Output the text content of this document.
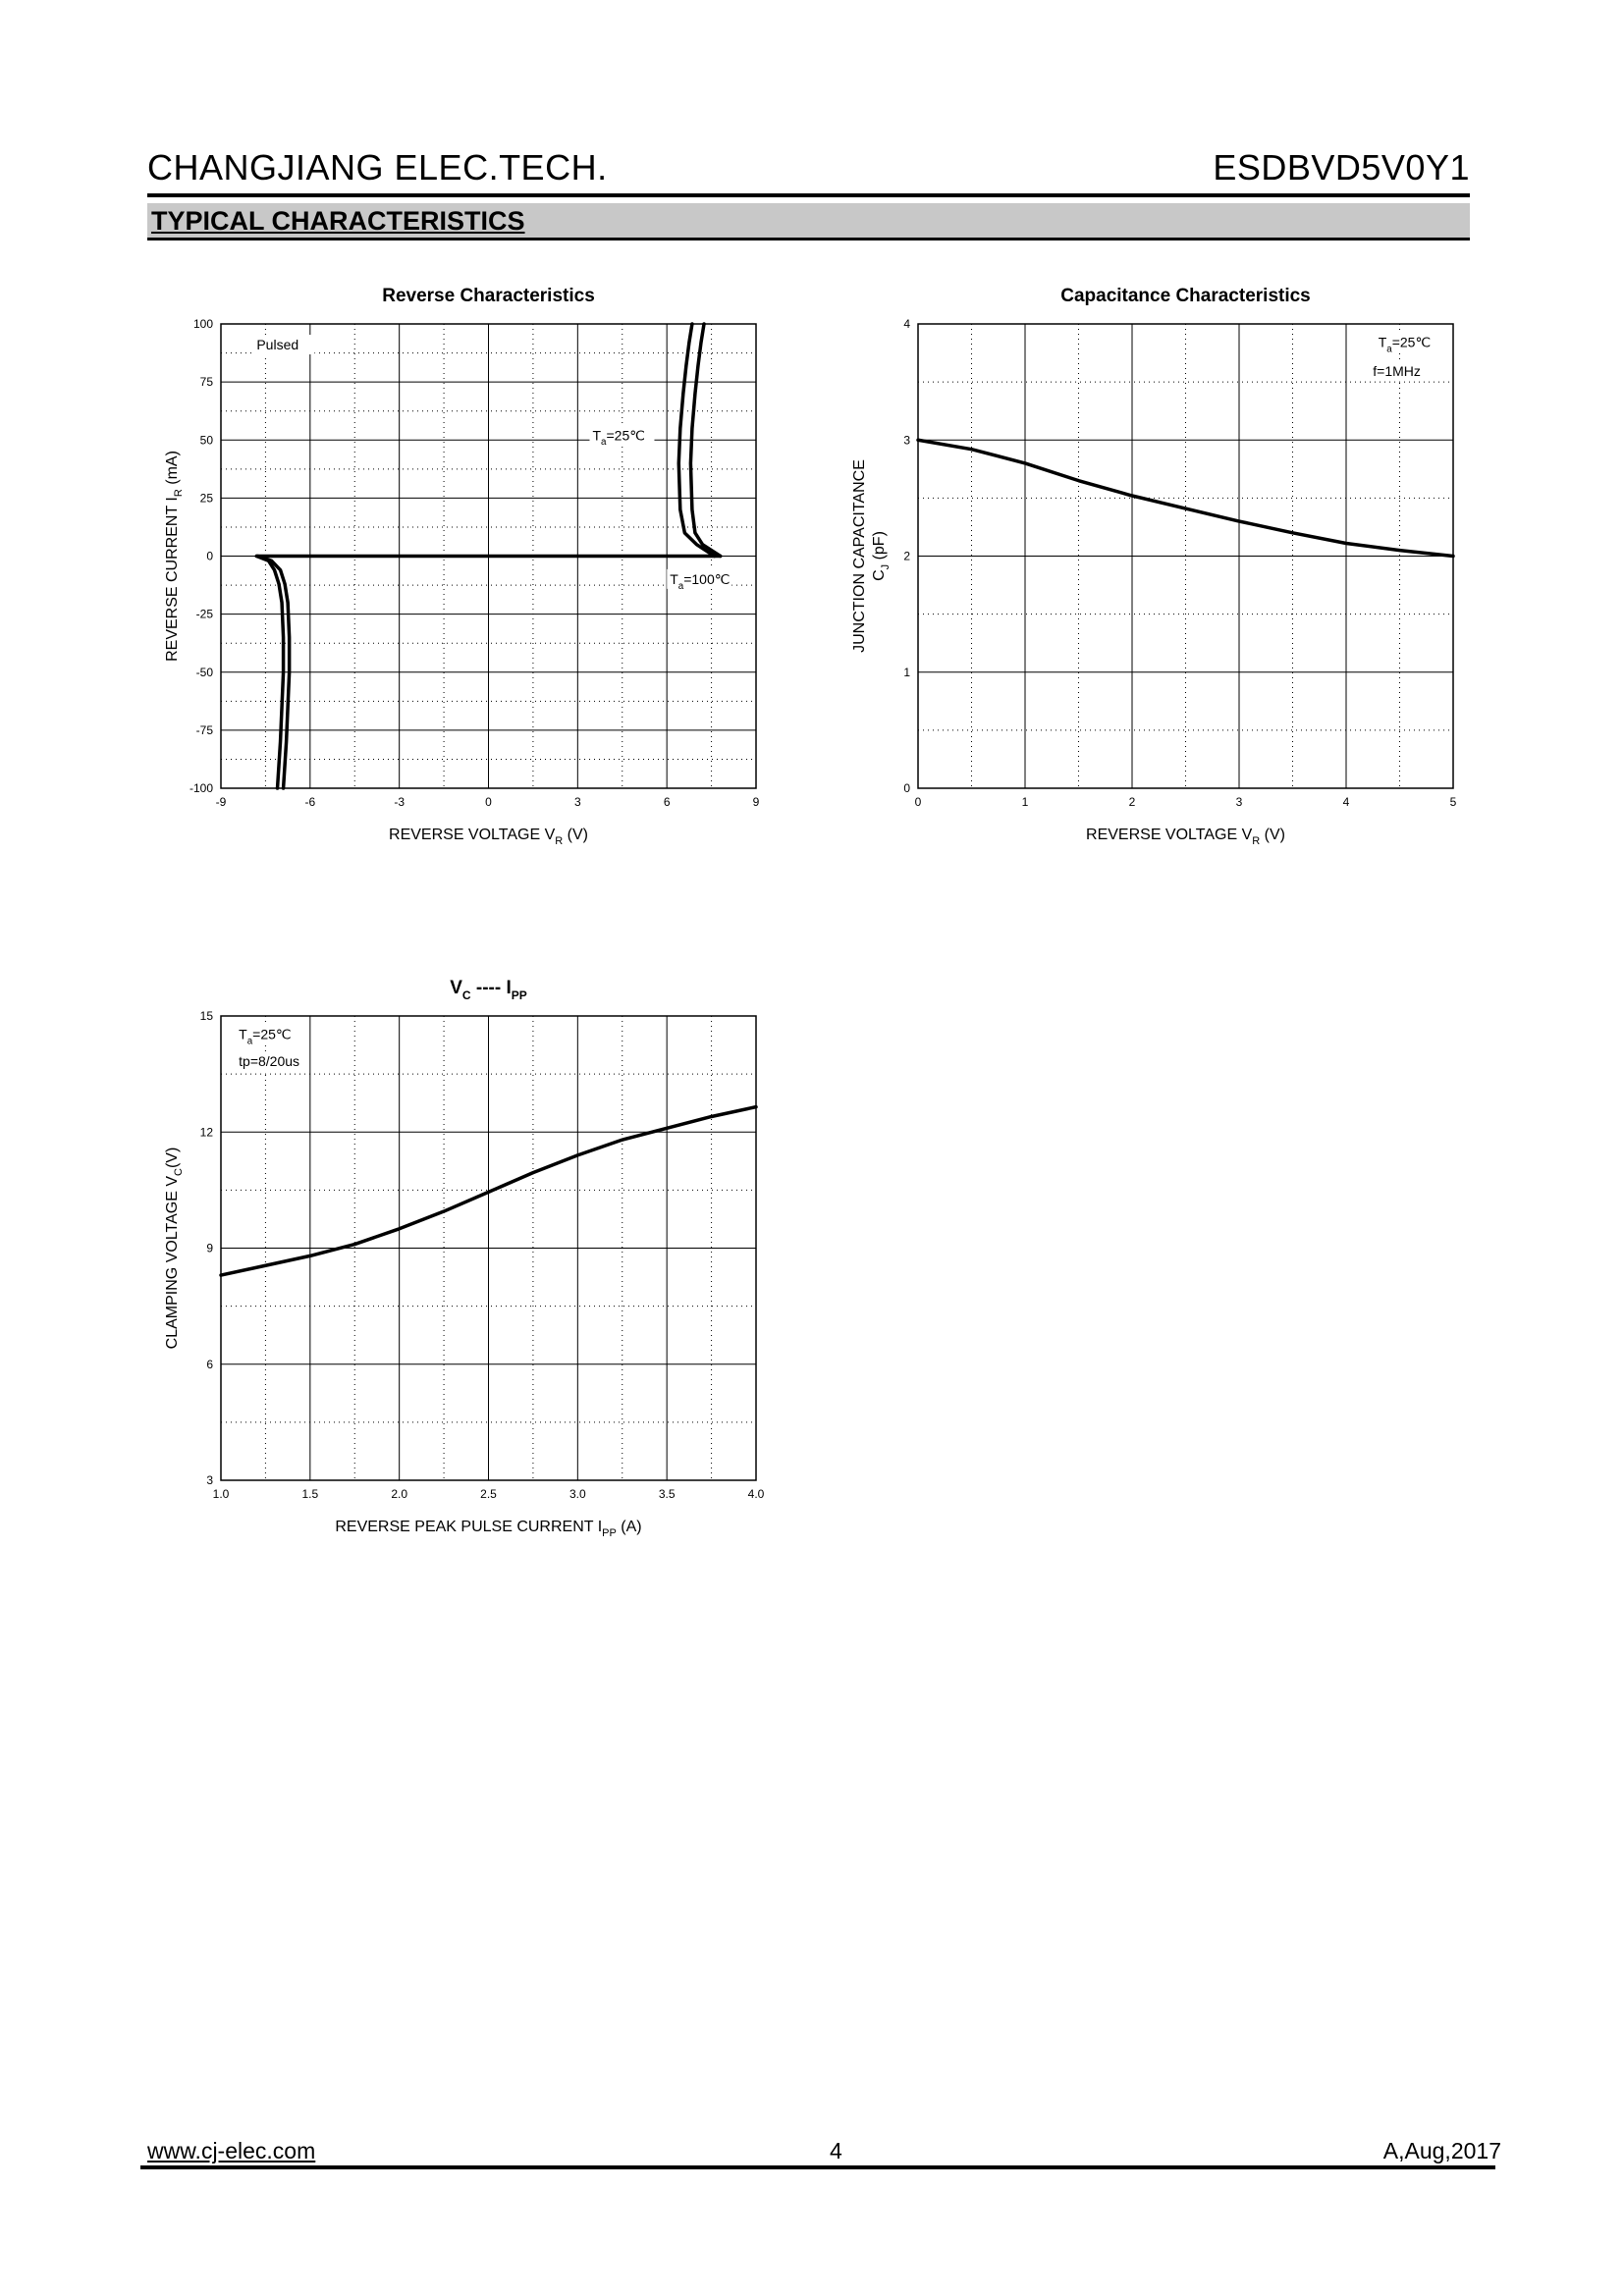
CHANGJIANG ELEC.TECH.	ESDBVD5V0Y1
TYPICAL CHARACTERISTICS
-9	-6	-3	0	3	6	9
100
75
50
25
0
-25
-50
-75
-100
Reverse Characteristics
REVERSE VOLTAGE $V_R$ (V)
REVERSE CURRENT $I_R$ (mA)
Pulsed
$T_a=25℃$
$T_a=100℃$
0	1	2	3	4	5
4
3
2
1
0
Capacitance Characteristics
REVERSE VOLTAGE $V_R$ (V)
JUNCTION CAPACITANCE $C_J$ (pF)
$T_a=25℃$
f=1MHz
1.0	1.5	2.0	2.5	3.0	3.5	4.0
15
12
9
6
3
$V_C$ ---- $I_{PP}$
REVERSE PEAK PULSE CURRENT $I_{PP}$ (A)
CLAMPING VOLTAGE $V_C(V)$
$T_a=25℃$
tp=8/20us
www.cj-elec.com	4	A,Aug,2017
